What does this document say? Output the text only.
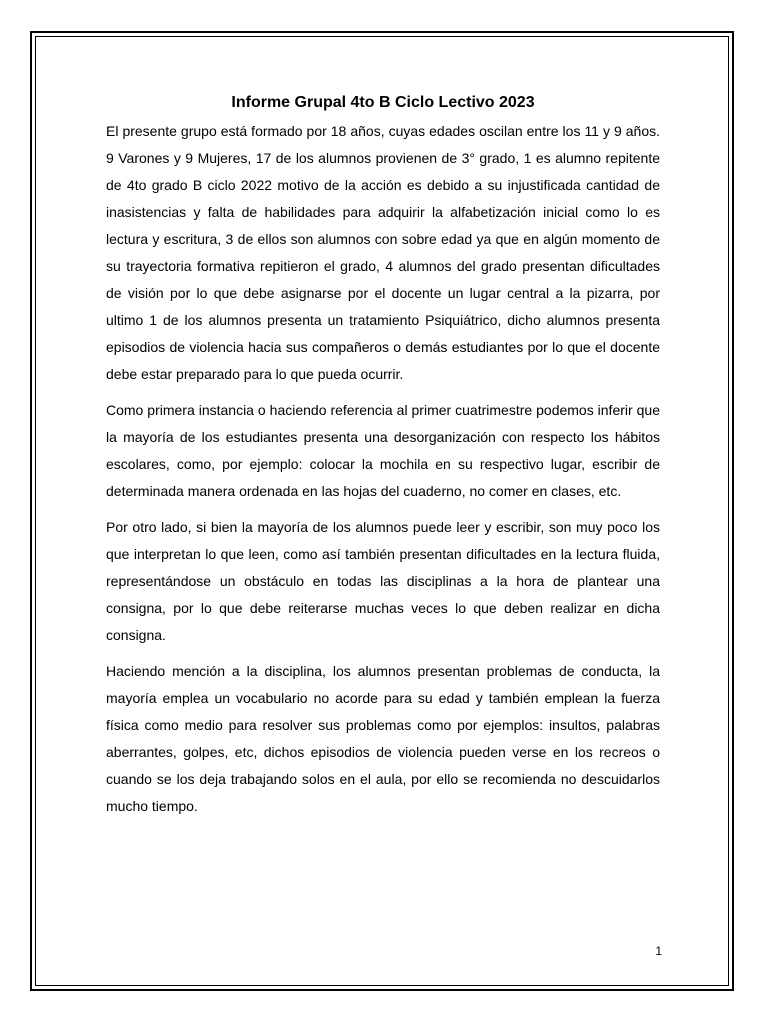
Informe Grupal 4to B Ciclo Lectivo 2023

El presente grupo está formado por 18 años, cuyas edades oscilan entre los 11 y 9 años. 9 Varones y 9 Mujeres, 17 de los alumnos provienen de 3° grado, 1 es alumno repitente de 4to grado B ciclo 2022 motivo de la acción es debido a su injustificada cantidad de inasistencias y falta de habilidades para adquirir la alfabetización inicial como lo es lectura y escritura, 3 de ellos son alumnos con sobre edad ya que en algún momento de su trayectoria formativa repitieron el grado, 4 alumnos del grado presentan dificultades de visión por lo que debe asignarse por el docente un lugar central a la pizarra, por ultimo 1 de los alumnos presenta un tratamiento Psiquiátrico, dicho alumnos presenta episodios de violencia hacia sus compañeros o demás estudiantes por lo que el docente debe estar preparado para lo que pueda ocurrir.

Como primera instancia o haciendo referencia al primer cuatrimestre podemos inferir que la mayoría de los estudiantes presenta una desorganización con respecto los hábitos escolares, como, por ejemplo: colocar la mochila en su respectivo lugar, escribir de determinada manera ordenada en las hojas del cuaderno, no comer en clases, etc.

Por otro lado, si bien la mayoría de los alumnos puede leer y escribir, son muy poco los que interpretan lo que leen, como así también presentan dificultades en la lectura fluida, representándose un obstáculo en todas las disciplinas a la hora de plantear una consigna, por lo que debe reiterarse muchas veces lo que deben realizar en dicha consigna.

Haciendo mención a la disciplina, los alumnos presentan problemas de conducta, la mayoría emplea un vocabulario no acorde para su edad y también emplean la fuerza física como medio para resolver sus problemas como por ejemplos: insultos, palabras aberrantes, golpes, etc, dichos episodios de violencia pueden verse en los recreos o cuando se los deja trabajando solos en el aula, por ello se recomienda no descuidarlos mucho tiempo.

1
